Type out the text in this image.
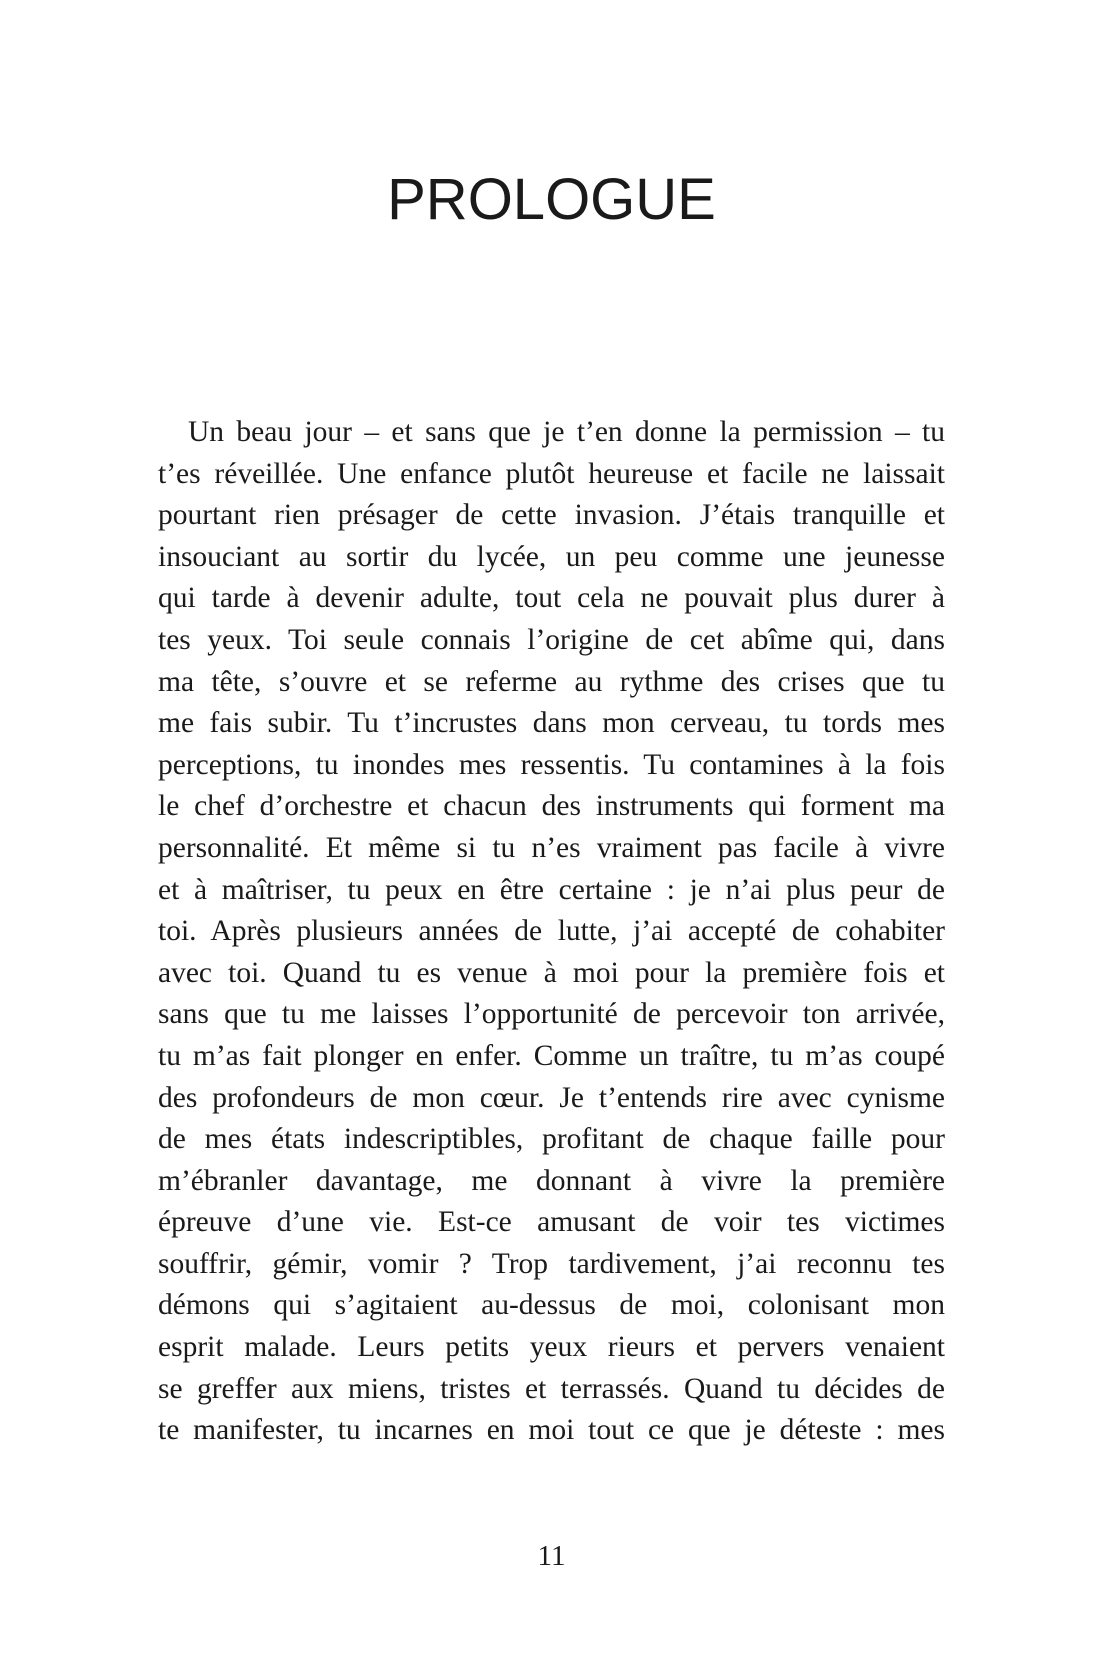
PROLOGUE
Un beau jour – et sans que je t’en donne la permission – tu
t’es réveillée. Une enfance plutôt heureuse et facile ne laissait
pourtant rien présager de cette invasion. J’étais tranquille et
insouciant au sortir du lycée, un peu comme une jeunesse
qui tarde à devenir adulte, tout cela ne pouvait plus durer à
tes yeux. Toi seule connais l’origine de cet abîme qui, dans
ma tête, s’ouvre et se referme au rythme des crises que tu
me fais subir. Tu t’incrustes dans mon cerveau, tu tords mes
perceptions, tu inondes mes ressentis. Tu contamines à la fois
le chef d’orchestre et chacun des instruments qui forment ma
personnalité. Et même si tu n’es vraiment pas facile à vivre
et à maîtriser, tu peux en être certaine : je n’ai plus peur de
toi. Après plusieurs années de lutte, j’ai accepté de cohabiter
avec toi. Quand tu es venue à moi pour la première fois et
sans que tu me laisses l’opportunité de percevoir ton arrivée,
tu m’as fait plonger en enfer. Comme un traître, tu m’as coupé
des profondeurs de mon cœur. Je t’entends rire avec cynisme
de mes états indescriptibles, profitant de chaque faille pour
m’ébranler davantage, me donnant à vivre la première
épreuve d’une vie. Est-ce amusant de voir tes victimes
souffrir, gémir, vomir ? Trop tardivement, j’ai reconnu tes
démons qui s’agitaient au-dessus de moi, colonisant mon
esprit malade. Leurs petits yeux rieurs et pervers venaient
se greffer aux miens, tristes et terrassés. Quand tu décides de
te manifester, tu incarnes en moi tout ce que je déteste : mes
11
